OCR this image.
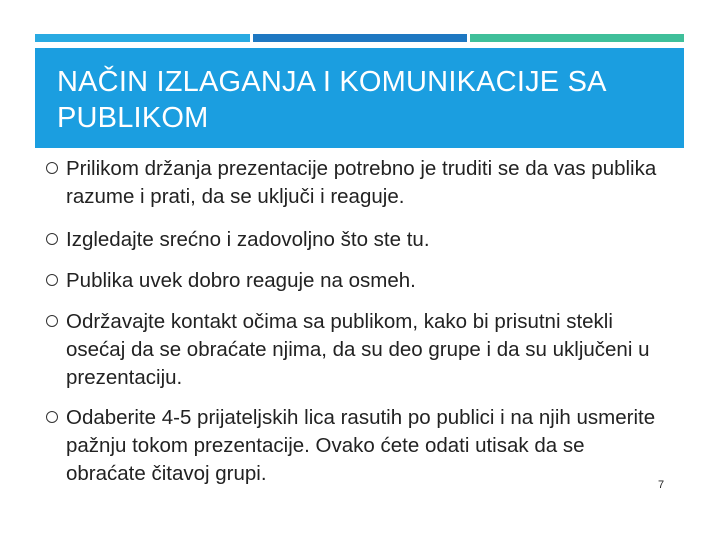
NAČIN IZLAGANJA I KOMUNIKACIJE SA PUBLIKOM
Prilikom držanja prezentacije potrebno je truditi se da vas publika razume i prati, da se uključi i reaguje.
Izgledajte srećno i zadovoljno što ste tu.
Publika uvek dobro reaguje na osmeh.
Održavajte kontakt očima sa publikom, kako bi prisutni stekli osećaj da se obraćate njima, da su deo grupe i da su uključeni u prezentaciju.
Odaberite 4-5 prijateljskih lica rasutih po publici i na njih usmerite pažnju tokom prezentacije. Ovako ćete odati utisak da se obraćate čitavoj grupi.	7
